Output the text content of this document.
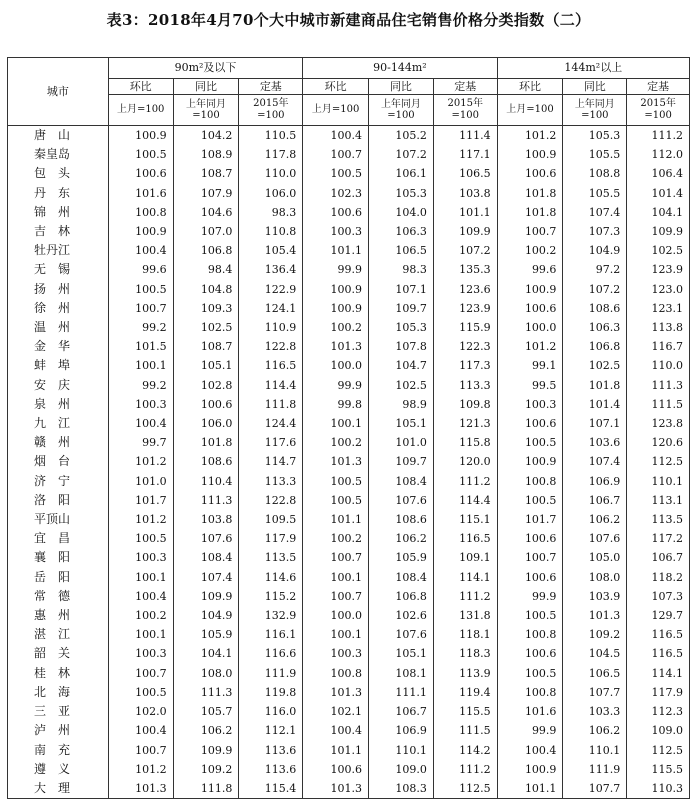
表3：2018年4月70个大中城市新建商品住宅销售价格分类指数（二）
城市	90m²及以下			90-144m²			144m²以上		
	环比	同比	定基	环比	同比	定基	环比	同比	定基
	上月=100	上年同月=100	2015年=100	上月=100	上年同月=100	2015年=100	上月=100	上年同月=100	2015年=100
唐　山	100.9	104.2	110.5	100.4	105.2	111.4	101.2	105.3	111.2
秦皇岛	100.5	108.9	117.8	100.7	107.2	117.1	100.9	105.5	112.0
包　头	100.6	108.7	110.0	100.5	106.1	106.5	100.6	108.8	106.4
丹　东	101.6	107.9	106.0	102.3	105.3	103.8	101.8	105.5	101.4
锦　州	100.8	104.6	98.3	100.6	104.0	101.1	101.8	107.4	104.1
吉　林	100.9	107.0	110.8	100.3	106.3	109.9	100.7	107.3	109.9
牡丹江	100.4	106.8	105.4	101.1	106.5	107.2	100.2	104.9	102.5
无　锡	99.6	98.4	136.4	99.9	98.3	135.3	99.6	97.2	123.9
扬　州	100.5	104.8	122.9	100.9	107.1	123.6	100.9	107.2	123.0
徐　州	100.7	109.3	124.1	100.9	109.7	123.9	100.6	108.6	123.1
温　州	99.2	102.5	110.9	100.2	105.3	115.9	100.0	106.3	113.8
金　华	101.5	108.7	122.8	101.3	107.8	122.3	101.2	106.8	116.7
蚌　埠	100.1	105.1	116.5	100.0	104.7	117.3	99.1	102.5	110.0
安　庆	99.2	102.8	114.4	99.9	102.5	113.3	99.5	101.8	111.3
泉　州	100.3	100.6	111.8	99.8	98.9	109.8	100.3	101.4	111.5
九　江	100.4	106.0	124.4	100.1	105.1	121.3	100.6	107.1	123.8
赣　州	99.7	101.8	117.6	100.2	101.0	115.8	100.5	103.6	120.6
烟　台	101.2	108.6	114.7	101.3	109.7	120.0	100.9	107.4	112.5
济　宁	101.0	110.4	113.3	100.5	108.4	111.2	100.8	106.9	110.1
洛　阳	101.7	111.3	122.8	100.5	107.6	114.4	100.5	106.7	113.1
平顶山	101.2	103.8	109.5	101.1	108.6	115.1	101.7	106.2	113.5
宜　昌	100.5	107.6	117.9	100.2	106.2	116.5	100.6	107.6	117.2
襄　阳	100.3	108.4	113.5	100.7	105.9	109.1	100.7	105.0	106.7
岳　阳	100.1	107.4	114.6	100.1	108.4	114.1	100.6	108.0	118.2
常　德	100.4	109.9	115.2	100.7	106.8	111.2	99.9	103.9	107.3
惠　州	100.2	104.9	132.9	100.0	102.6	131.8	100.5	101.3	129.7
湛　江	100.1	105.9	116.1	100.1	107.6	118.1	100.8	109.2	116.5
韶　关	100.3	104.1	116.6	100.3	105.1	118.3	100.6	104.5	116.5
桂　林	100.7	108.0	111.9	100.8	108.1	113.9	100.5	106.5	114.1
北　海	100.5	111.3	119.8	101.3	111.1	119.4	100.8	107.7	117.9
三　亚	102.0	105.7	116.0	102.1	106.7	115.5	101.6	103.3	112.3
泸　州	100.4	106.2	112.1	100.4	106.9	111.5	99.9	106.2	109.0
南　充	100.7	109.9	113.6	101.1	110.1	114.2	100.4	110.1	112.5
遵　义	101.2	109.2	113.6	100.6	109.0	111.2	100.9	111.9	115.5
大　理	101.3	111.8	115.4	101.3	108.3	112.5	101.1	107.7	110.3
